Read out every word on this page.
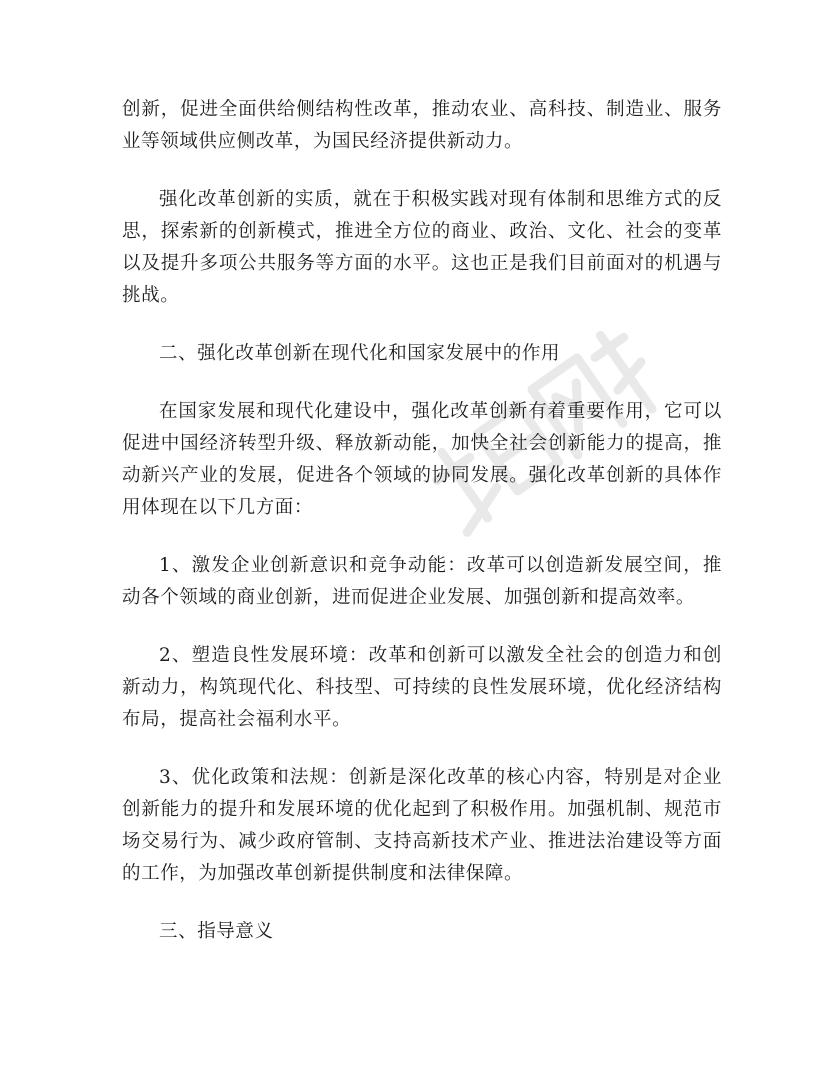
创新，促进全面供给侧结构性改革，推动农业、高科技、制造业、服务业等领域供应侧改革，为国民经济提供新动力。

强化改革创新的实质，就在于积极实践对现有体制和思维方式的反思，探索新的创新模式，推进全方位的商业、政治、文化、社会的变革以及提升多项公共服务等方面的水平。这也正是我们目前面对的机遇与挑战。

二、强化改革创新在现代化和国家发展中的作用

在国家发展和现代化建设中，强化改革创新有着重要作用，它可以促进中国经济转型升级、释放新动能，加快全社会创新能力的提高，推动新兴产业的发展，促进各个领域的协同发展。强化改革创新的具体作用体现在以下几方面：

1、激发企业创新意识和竞争动能：改革可以创造新发展空间，推动各个领域的商业创新，进而促进企业发展、加强创新和提高效率。

2、塑造良性发展环境：改革和创新可以激发全社会的创造力和创新动力，构筑现代化、科技型、可持续的良性发展环境，优化经济结构布局，提高社会福利水平。

3、优化政策和法规：创新是深化改革的核心内容，特别是对企业创新能力的提升和发展环境的优化起到了积极作用。加强机制、规范市场交易行为、减少政府管制、支持高新技术产业、推进法治建设等方面的工作，为加强改革创新提供制度和法律保障。

三、指导意义
